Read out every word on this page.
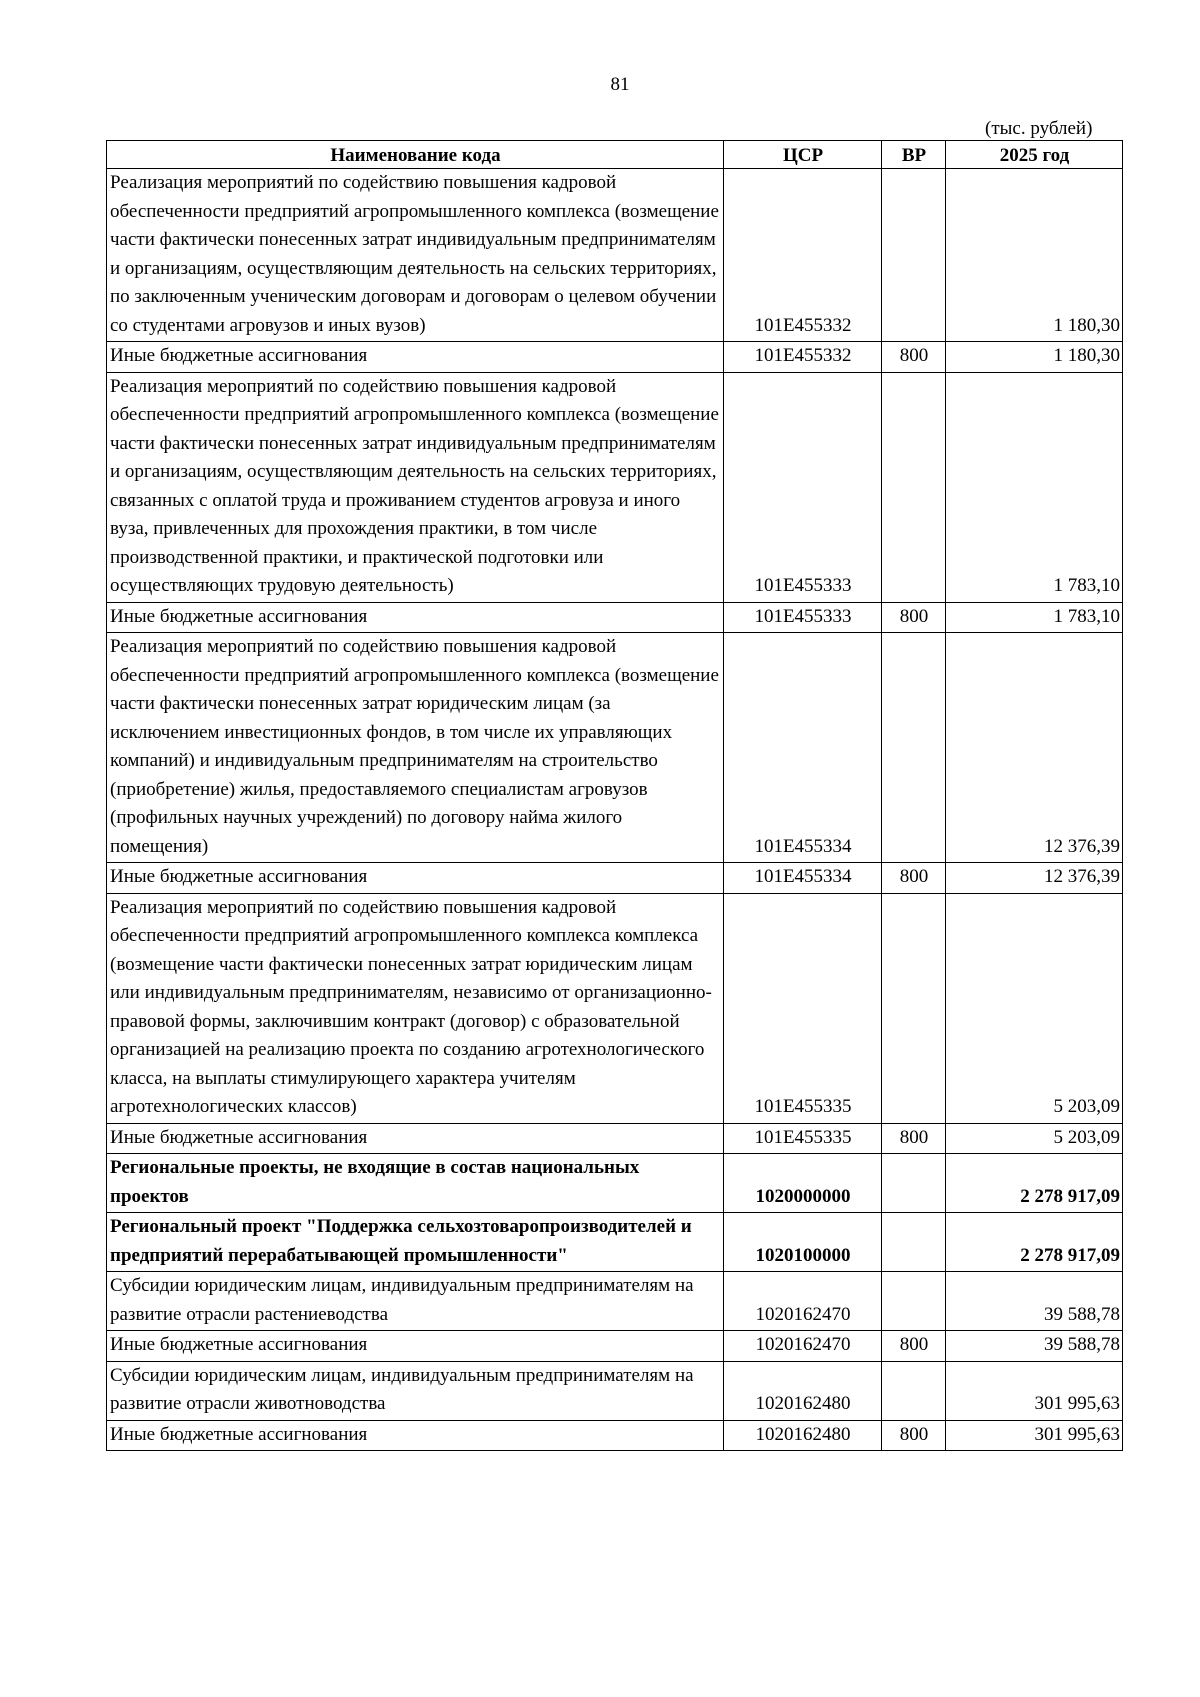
81
(тыс. рублей)
Наименование кода	ЦСР	ВР	2025 год
Реализация мероприятий по содействию повышения кадровой обеспеченности предприятий агропромышленного комплекса (возмещение части фактически понесенных затрат индивидуальным предпринимателям и организациям, осуществляющим деятельность на сельских территориях, по заключенным ученическим договорам и договорам о целевом обучении со студентами агровузов и иных вузов)	101E455332		1 180,30
Иные бюджетные ассигнования	101E455332	800	1 180,30
Реализация мероприятий по содействию повышения кадровой обеспеченности предприятий агропромышленного комплекса (возмещение части фактически понесенных затрат индивидуальным предпринимателям и организациям, осуществляющим деятельность на сельских территориях, связанных с оплатой труда и проживанием студентов агровуза и иного вуза, привлеченных для прохождения практики, в том числе производственной практики, и практической подготовки или осуществляющих трудовую деятельность)	101E455333		1 783,10
Иные бюджетные ассигнования	101E455333	800	1 783,10
Реализация мероприятий по содействию повышения кадровой обеспеченности предприятий агропромышленного комплекса (возмещение части фактически понесенных затрат юридическим лицам (за исключением инвестиционных фондов, в том числе их управляющих компаний) и индивидуальным предпринимателям на строительство (приобретение) жилья, предоставляемого специалистам агровузов (профильных научных учреждений) по договору найма жилого помещения)	101E455334		12 376,39
Иные бюджетные ассигнования	101E455334	800	12 376,39
Реализация мероприятий по содействию повышения кадровой обеспеченности предприятий агропромышленного комплекса комплекса (возмещение части фактически понесенных затрат юридическим лицам или индивидуальным предпринимателям, независимо от организационно-правовой формы, заключившим контракт (договор) с образовательной организацией на реализацию проекта по созданию агротехнологического класса, на выплаты стимулирующего характера учителям агротехнологических классов)	101E455335		5 203,09
Иные бюджетные ассигнования	101E455335	800	5 203,09
Региональные проекты, не входящие в состав национальных проектов	1020000000		2 278 917,09
Региональный проект "Поддержка сельхозтоваропроизводителей и предприятий перерабатывающей промышленности"	1020100000		2 278 917,09
Субсидии юридическим лицам, индивидуальным предпринимателям на развитие отрасли растениеводства	1020162470		39 588,78
Иные бюджетные ассигнования	1020162470	800	39 588,78
Субсидии юридическим лицам, индивидуальным предпринимателям на развитие отрасли животноводства	1020162480		301 995,63
Иные бюджетные ассигнования	1020162480	800	301 995,63
